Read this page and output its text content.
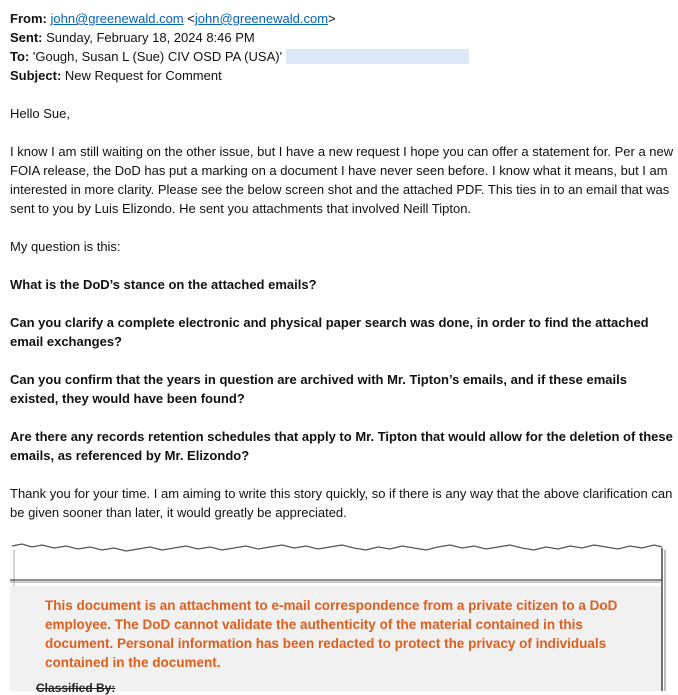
From: john@greenewald.com <john@greenewald.com>
Sent: Sunday, February 18, 2024 8:46 PM
To: 'Gough, Susan L (Sue) CIV OSD PA (USA)'
Subject: New Request for Comment

Hello Sue,

I know I am still waiting on the other issue, but I have a new request I hope you can offer a statement for. Per a new FOIA release, the DoD has put a marking on a document I have never seen before. I know what it means, but I am interested in more clarity. Please see the below screen shot and the attached PDF. This ties in to an email that was sent to you by Luis Elizondo. He sent you attachments that involved Neill Tipton.

My question is this:

What is the DoD’s stance on the attached emails?

Can you clarify a complete electronic and physical paper search was done, in order to find the attached email exchanges?

Can you confirm that the years in question are archived with Mr. Tipton’s emails, and if these emails existed, they would have been found?

Are there any records retention schedules that apply to Mr. Tipton that would allow for the deletion of these emails, as referenced by Mr. Elizondo?

Thank you for your time. I am aiming to write this story quickly, so if there is any way that the above clarification can be given sooner than later, it would greatly be appreciated.

This document is an attachment to e-mail correspondence from a private citizen to a DoD employee. The DoD cannot validate the authenticity of the material contained in this document. Personal information has been redacted to protect the privacy of individuals contained in the document.
Classified By:
